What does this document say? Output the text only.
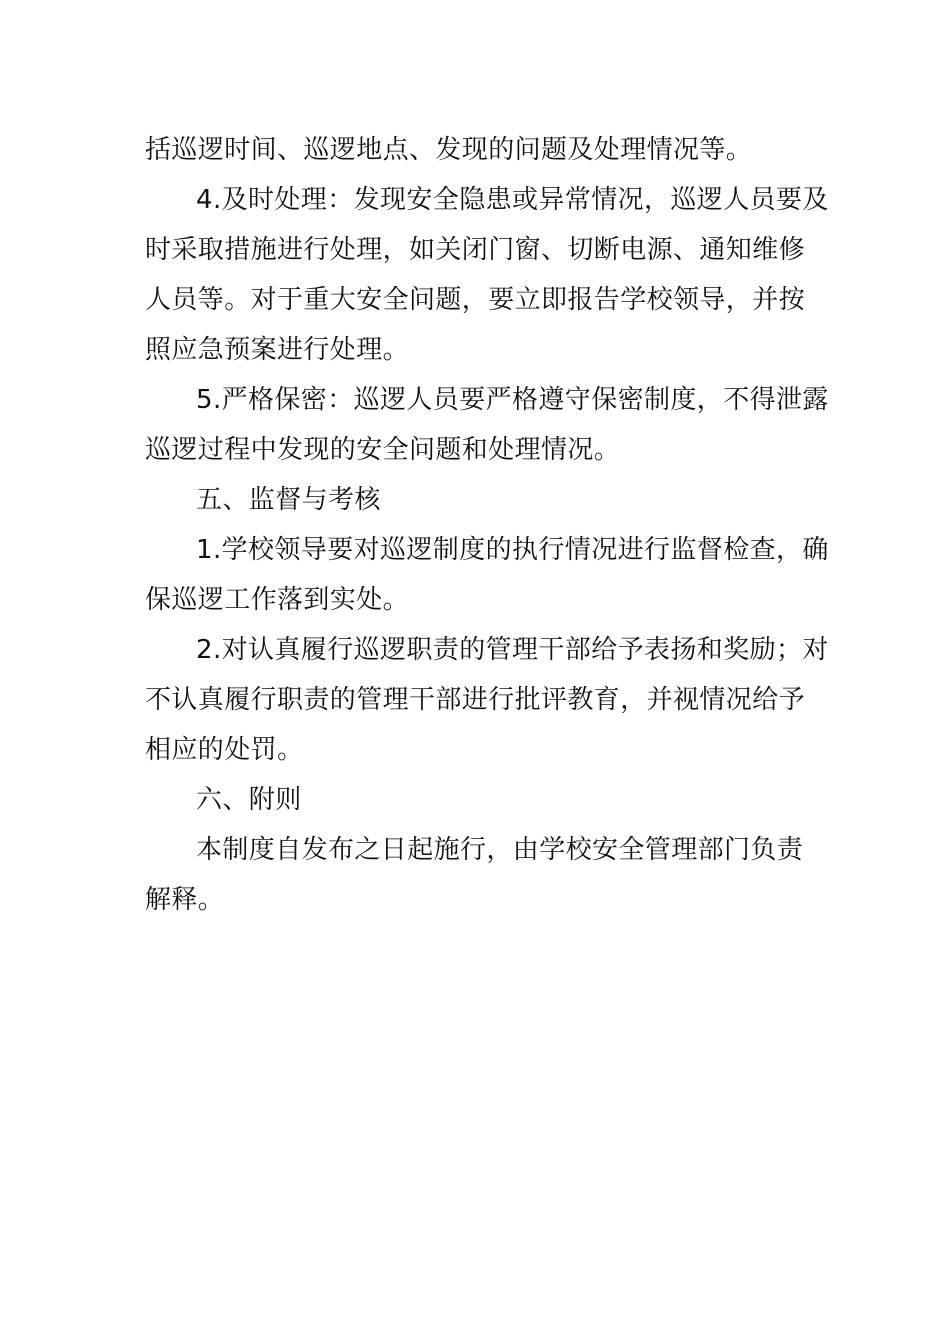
括巡逻时间、巡逻地点、发现的问题及处理情况等。
4.及时处理：发现安全隐患或异常情况，巡逻人员要及
时采取措施进行处理，如关闭门窗、切断电源、通知维修
人员等。对于重大安全问题，要立即报告学校领导，并按
照应急预案进行处理。
5.严格保密：巡逻人员要严格遵守保密制度，不得泄露
巡逻过程中发现的安全问题和处理情况。
五、监督与考核
1.学校领导要对巡逻制度的执行情况进行监督检查，确
保巡逻工作落到实处。
2.对认真履行巡逻职责的管理干部给予表扬和奖励；对
不认真履行职责的管理干部进行批评教育，并视情况给予
相应的处罚。
六、附则
本制度自发布之日起施行，由学校安全管理部门负责
解释。
